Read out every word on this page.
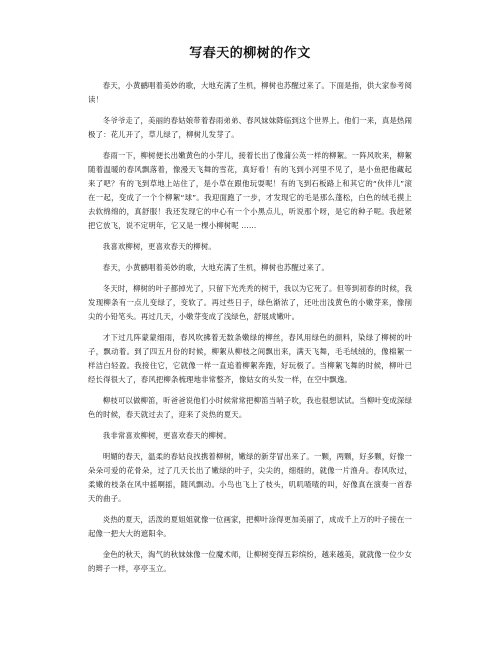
写春天的柳树的作文

春天，小黄鹂唱着美妙的歌，大地充满了生机，柳树也苏醒过来了。下面是指，供大家参考阅读！

冬爷爷走了，美丽的春姑娘带着春雨弟弟、春风妹妹降临到这个世界上。他们一来，真是热闹极了：花儿开了，草儿绿了，柳树儿发芽了。

春雨一下，柳树便长出嫩黄色的小芽儿，接着长出了像蒲公英一样的柳絮。一阵风吹来，柳絮随着温暖的春风飘落着，像漫天飞舞的雪花，真好看！有的飞到小河里不见了，是小鱼把他藏起来了吧？有的飞到草地上站住了，是小草在跟他玩耍呢！有的飞到石板路上和其它的“伙伴儿”滚在一起，变成了一个个柳絮“球”。我迎面跑了一步，才发现它的毛是那么蓬松，白色的绒毛摸上去软绵绵的，真舒服！我还发现它的中心有一个小黑点儿，听说那个呀，是它的种子呢。我赶紧把它放飞，说不定明年，它又是一棵小柳树呢 ……

我喜欢柳树，更喜欢春天的柳树。

春天，小黄鹂唱着美妙的歌，大地充满了生机，柳树也苏醒过来了。

冬天时，柳树的叶子都掉光了，只留下光秃秃的树干，我以为它死了。但等到初春的时候，我发现柳条有一点儿变绿了，变软了。再过些日子，绿色渐浓了，还吐出浅黄色的小嫩芽来，像削尖的小铅笔头。再过几天，小嫩芽变成了浅绿色，舒展成嫩叶。

才下过几阵蒙蒙细雨，春风吹拂着无数条嫩绿的柳丝，春风用绿色的颜料，染绿了柳树的叶子，飘动着。到了四五月份的时候，柳絮从柳枝之间飘出来，满天飞舞，毛毛绒绒的，像棉絮一样洁白轻盈。我接住它，它就像一样一直追着柳絮奔跑，好玩极了。当柳絮飞舞的时候，柳叶已经长得很大了，春风把柳条梳理地非常整齐，像姑女的头发一样，在空中飘逸。

柳枝可以做柳笛，听爸爸说他们小时候常常把柳笛当哨子吹，我也很想试试。当柳叶变成深绿色的时候，春天就过去了，迎来了炎热的夏天。

我非常喜欢柳树，更喜欢春天的柳树。

明媚的春天，温柔的春姑良找携着柳树，嫩绿的新芽冒出来了。一颗，两颗，好多颗，好像一朵朵可爱的花骨朵，过了几天长出了嫩绿的叶子，尖尖的，细细的，就像一片渔舟。春风吹过，柔嫩的枝条在风中摇啊摇，随风飘动。小鸟也飞上了枝头，叽叽喳喳的叫，好像真在演奏一首春天的曲子。

炎热的夏天，活泼的夏姐姐就像一位画家，把柳叶涂得更加美丽了，成成千上万的叶子接在一起像一把大大的遮阳伞。

金色的秋天，淘气的秋妹妹像一位魔术师，让柳树变得五彩缤纷，越来越美，就就像一位少女的辫子一样，亭亭玉立。
